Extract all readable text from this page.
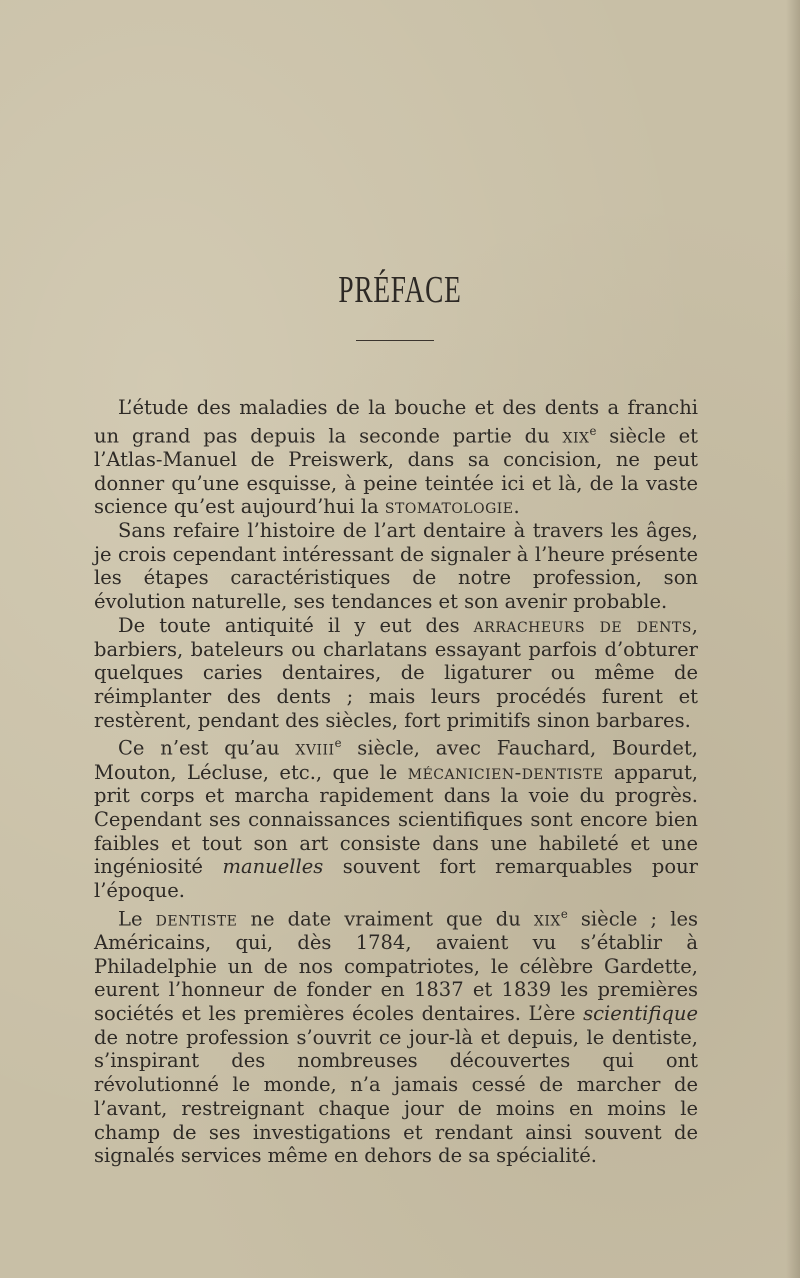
PRÉFACE

L’étude des maladies de la bouche et des dents a franchi un grand pas depuis la seconde partie du xix$^e$ siècle et l’Atlas-Manuel de Preiswerk, dans sa concision, ne peut donner qu’une esquisse, à peine teintée ici et là, de la vaste science qu’est aujourd’hui la stomatologie.

Sans refaire l’histoire de l’art dentaire à travers les âges, je crois cependant intéressant de signaler à l’heure présente les étapes caractéristiques de notre profession, son évolution naturelle, ses tendances et son avenir probable.

De toute antiquité il y eut des arracheurs de dents, barbiers, bateleurs ou charlatans essayant parfois d’obturer quelques caries dentaires, de ligaturer ou même de réimplanter des dents ; mais leurs procédés furent et restèrent, pendant des siècles, fort primitifs sinon barbares.

Ce n’est qu’au xviii$^e$ siècle, avec Fauchard, Bourdet, Mouton, Lécluse, etc., que le mécanicien-dentiste apparut, prit corps et marcha rapidement dans la voie du progrès. Cependant ses connaissances scientifiques sont encore bien faibles et tout son art consiste dans une habileté et une ingéniosité manuelles souvent fort remarquables pour l’époque.

Le dentiste ne date vraiment que du xix$^e$ siècle ; les Américains, qui, dès 1784, avaient vu s’établir à Philadelphie un de nos compatriotes, le célèbre Gardette, eurent l’honneur de fonder en 1837 et 1839 les premières sociétés et les premières écoles dentaires. L’ère scientifique de notre profession s’ouvrit ce jour-là et depuis, le dentiste, s’inspirant des nombreuses découvertes qui ont révolutionné le monde, n’a jamais cessé de marcher de l’avant, restreignant chaque jour de moins en moins le champ de ses investigations et rendant ainsi souvent de signalés services même en dehors de sa spécialité.
